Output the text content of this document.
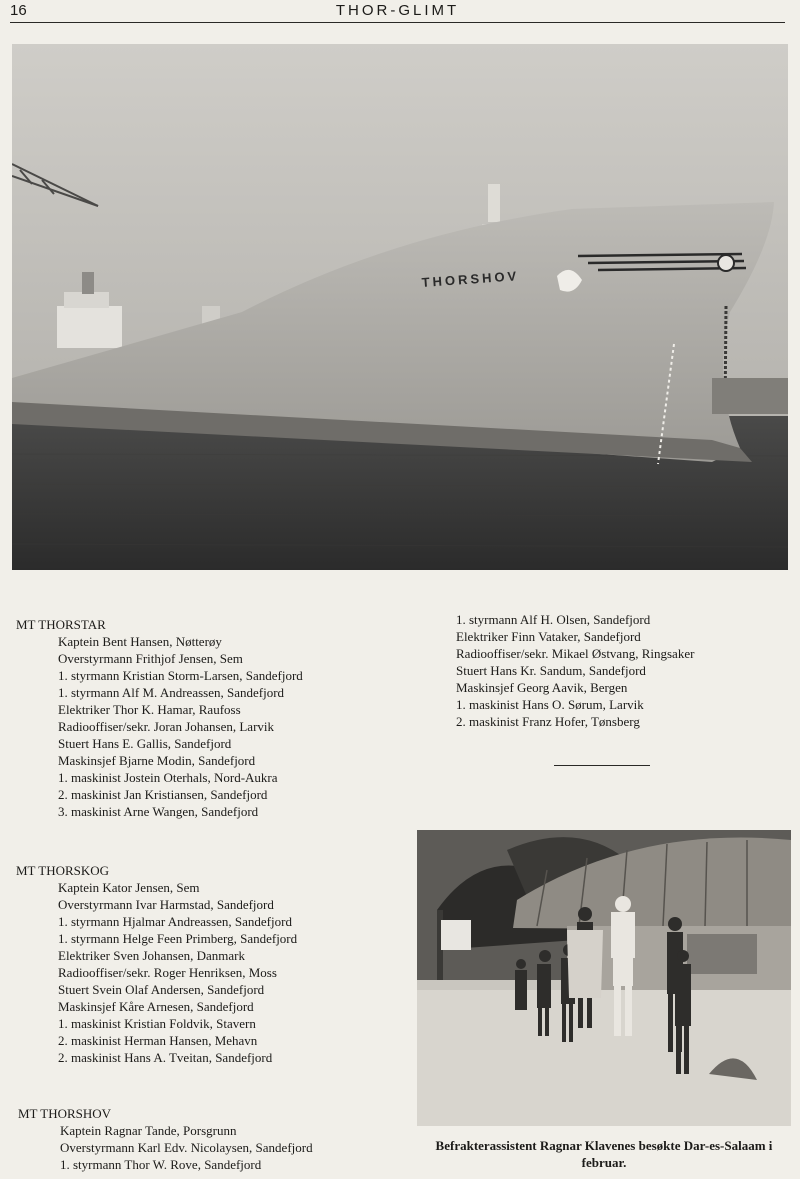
16	THOR-GLIMT
THORSHOV
MT THORSTAR
Kaptein Bent Hansen, Nøtterøy
Overstyrmann Frithjof Jensen, Sem
1. styrmann Kristian Storm-Larsen, Sandefjord
1. styrmann Alf M. Andreassen, Sandefjord
Elektriker Thor K. Hamar, Raufoss
Radiooffiser/sekr. Joran Johansen, Larvik
Stuert Hans E. Gallis, Sandefjord
Maskinsjef Bjarne Modin, Sandefjord
1. maskinist Jostein Oterhals, Nord-Aukra
2. maskinist Jan Kristiansen, Sandefjord
3. maskinist Arne Wangen, Sandefjord
1. styrmann Alf H. Olsen, Sandefjord
Elektriker Finn Vataker, Sandefjord
Radiooffiser/sekr. Mikael Østvang, Ringsaker
Stuert Hans Kr. Sandum, Sandefjord
Maskinsjef Georg Aavik, Bergen
1. maskinist Hans O. Sørum, Larvik
2. maskinist Franz Hofer, Tønsberg
MT THORSKOG
Kaptein Kator Jensen, Sem
Overstyrmann Ivar Harmstad, Sandefjord
1. styrmann Hjalmar Andreassen, Sandefjord
1. styrmann Helge Feen Primberg, Sandefjord
Elektriker Sven Johansen, Danmark
Radiooffiser/sekr. Roger Henriksen, Moss
Stuert Svein Olaf Andersen, Sandefjord
Maskinsjef Kåre Arnesen, Sandefjord
1. maskinist Kristian Foldvik, Stavern
2. maskinist Herman Hansen, Mehavn
2. maskinist Hans A. Tveitan, Sandefjord
MT THORSHOV
Kaptein Ragnar Tande, Porsgrunn
Overstyrmann Karl Edv. Nicolaysen, Sandefjord
1. styrmann Thor W. Rove, Sandefjord
Befrakterassistent Ragnar Klavenes besøkte Dar-es-Salaam i februar.
